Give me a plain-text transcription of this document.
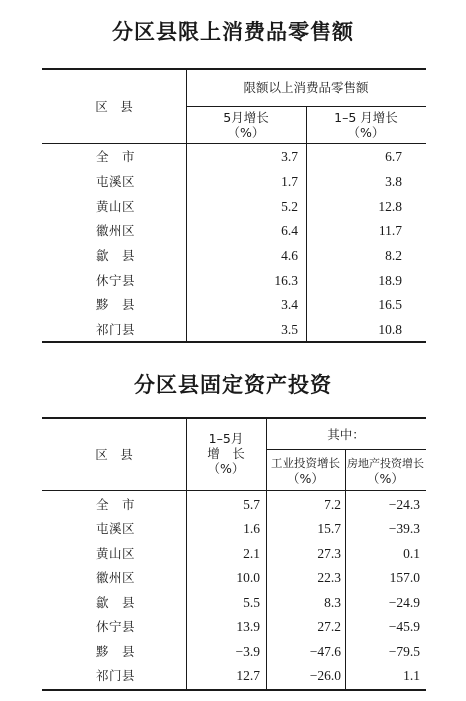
分区县限上消费品零售额
区　县
限额以上消费品零售额
5月增长
（%）
1–5 月增长
（%）
全　市	3.7	6.7
屯溪区	1.7	3.8
黄山区	5.2	12.8
徽州区	6.4	11.7
歙　县	4.6	8.2
休宁县	16.3	18.9
黟　县	3.4	16.5
祁门县	3.5	10.8
分区县固定资产投资
区　县
1–5月
增　长
（%）
其中：
工业投资增长
（%）
房地产投资增长
（%）
全　市	5.7	7.2	−24.3
屯溪区	1.6	15.7	−39.3
黄山区	2.1	27.3	0.1
徽州区	10.0	22.3	157.0
歙　县	5.5	8.3	−24.9
休宁县	13.9	27.2	−45.9
黟　县	−3.9	−47.6	−79.5
祁门县	12.7	−26.0	1.1
